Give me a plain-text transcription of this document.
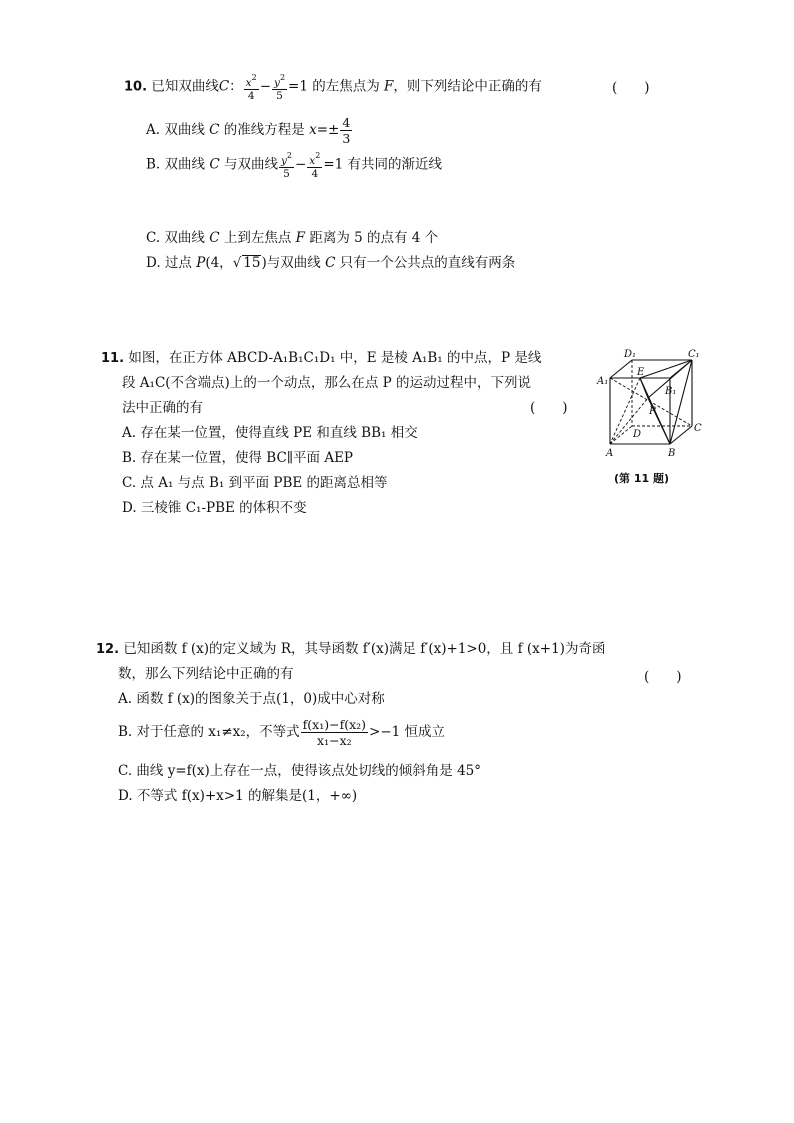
10. 已知双曲线C： $\frac{x^2}{4} - \frac{y^2}{5} =1$ 的左焦点为 F，则下列结论中正确的有	(　　)
A. 双曲线 C 的准线方程是 $x=\pm \frac{4}{3}$
B. 双曲线 C 与双曲线 $\frac{y^2}{5} - \frac{x^2}{4} =1$ 有共同的渐近线
C. 双曲线 C 上到左焦点 F 距离为 5 的点有 4 个
D. 过点 P(4，√ 15)与双曲线 C 只有一个公共点的直线有两条
11. 如图，在正方体 ABCD-A₁B₁C₁D₁ 中，E 是棱 A₁B₁ 的中点，P 是线
段 A₁C(不含端点)上的一个动点，那么在点 P 的运动过程中，下列说
法中正确的有
A. 存在某一位置，使得直线 PE 和直线 BB₁ 相交
B. 存在某一位置，使得 BC∥平面 AEP
C. 点 A₁ 与点 B₁ 到平面 PBE 的距离总相等
D. 三棱锥 C₁-PBE 的体积不变
(　　)
D₁	C₁
A₁
E
B₁
P
D
C
A	B
(第 11 题)
12. 已知函数 f (x)的定义域为 R，其导函数 f′(x)满足 f′(x)+1>0，且 f (x+1)为奇函
数，那么下列结论中正确的有
A. 函数 f (x)的图象关于点(1，0)成中心对称
(　　)
B. 对于任意的 x₁≠x₂，不等式 $\frac{\text{f(x₁)−f(x₂)}}{\text{x₁−x₂}} >-1$ 恒成立
C. 曲线 y=f(x)上存在一点，使得该点处切线的倾斜角是 45°
D. 不等式 f(x)+x>1 的解集是(1，+∞)
